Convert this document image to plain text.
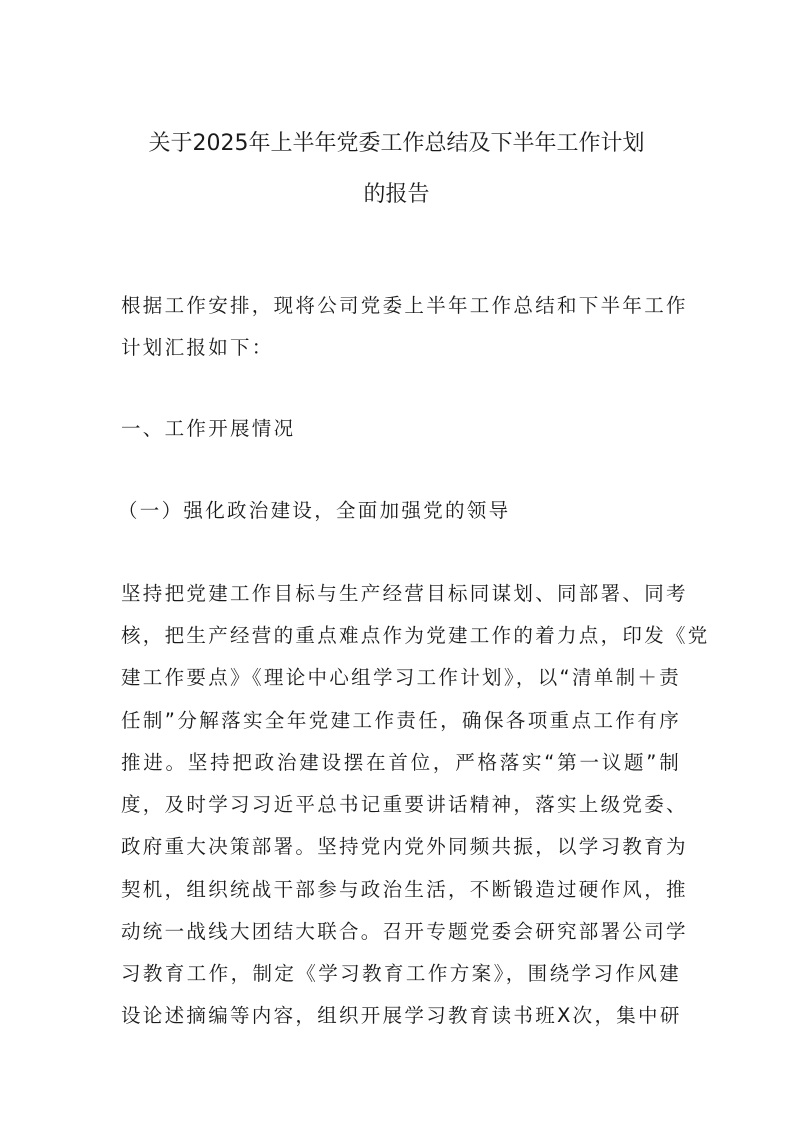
关于2025年上半年党委工作总结及下半年工作计划
的报告
根据工作安排，现将公司党委上半年工作总结和下半年工作
计划汇报如下：
一、工作开展情况
（一）强化政治建设，全面加强党的领导
坚持把党建工作目标与生产经营目标同谋划、同部署、同考
核，把生产经营的重点难点作为党建工作的着力点，印发《党
建工作要点》《理论中心组学习工作计划》，以“清单制＋责
任制”分解落实全年党建工作责任，确保各项重点工作有序
推进。坚持把政治建设摆在首位，严格落实“第一议题”制
度，及时学习习近平总书记重要讲话精神，落实上级党委、
政府重大决策部署。坚持党内党外同频共振，以学习教育为
契机，组织统战干部参与政治生活，不断锻造过硬作风，推
动统一战线大团结大联合。召开专题党委会研究部署公司学
习教育工作，制定《学习教育工作方案》，围绕学习作风建
设论述摘编等内容，组织开展学习教育读书班X次，集中研
